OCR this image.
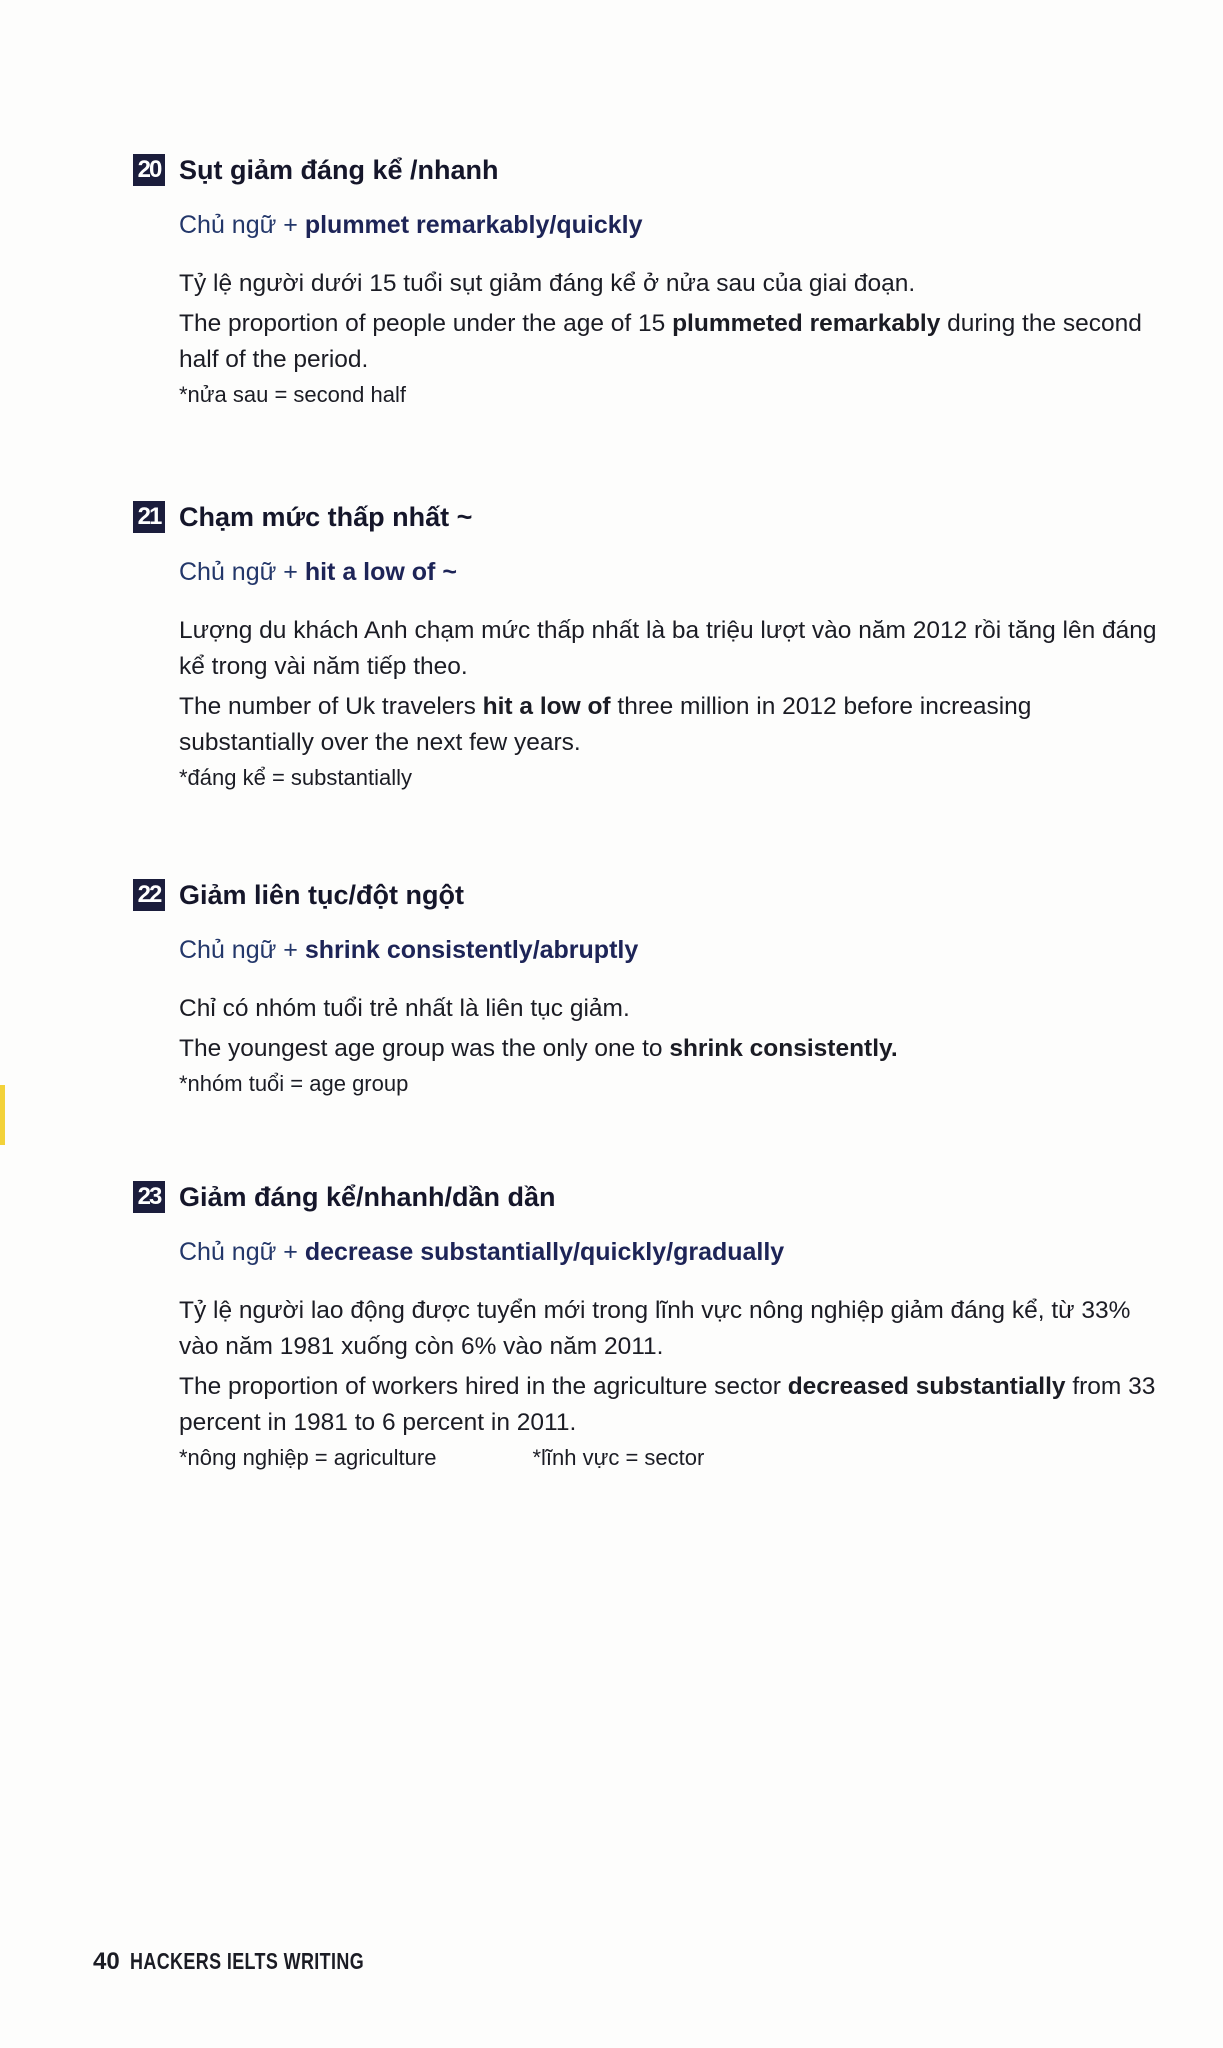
20 Sụt giảm đáng kể /nhanh
Chủ ngữ + plummet remarkably/quickly

Tỷ lệ người dưới 15 tuổi sụt giảm đáng kể ở nửa sau của giai đoạn.

The proportion of people under the age of 15 plummeted remarkably during the second half of the period.

*nửa sau = second half
21 Chạm mức thấp nhất ~
Chủ ngữ + hit a low of ~

Lượng du khách Anh chạm mức thấp nhất là ba triệu lượt vào năm 2012 rồi tăng lên đáng kể trong vài năm tiếp theo.

The number of Uk travelers hit a low of three million in 2012 before increasing substantially over the next few years.

*đáng kể = substantially
22 Giảm liên tục/đột ngột
Chủ ngữ + shrink consistently/abruptly

Chỉ có nhóm tuổi trẻ nhất là liên tục giảm.

The youngest age group was the only one to shrink consistently.

*nhóm tuổi = age group
23 Giảm đáng kể/nhanh/dần dần
Chủ ngữ + decrease substantially/quickly/gradually

Tỷ lệ người lao động được tuyển mới trong lĩnh vực nông nghiệp giảm đáng kể, từ 33% vào năm 1981 xuống còn 6% vào năm 2011.

The proportion of workers hired in the agriculture sector decreased substantially from 33 percent in 1981 to 6 percent in 2011.

*nông nghiệp = agriculture	*lĩnh vực = sector
40 HACKERS IELTS WRITING
